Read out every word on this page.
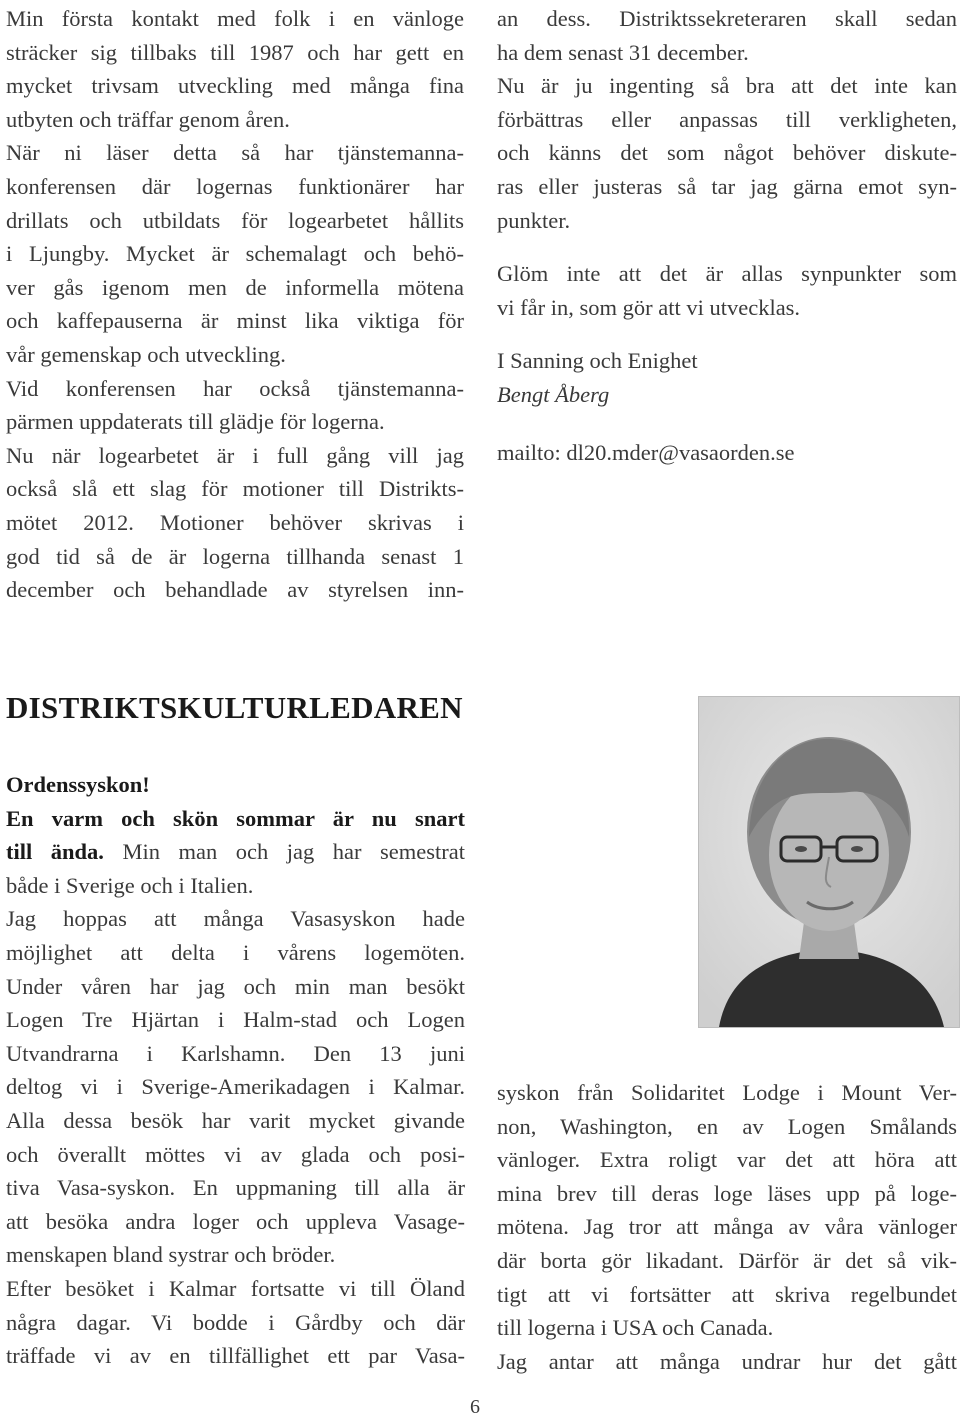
Min första kontakt med folk i en vänloge
sträcker sig tillbaks till 1987 och har gett en
mycket trivsam utveckling med många fina
utbyten och träffar genom åren.

När ni läser detta så har tjänstemanna-
konferensen där logernas funktionärer har
drillats och utbildats för logearbetet hållits
i Ljungby. Mycket är schemalagt och behö-
ver gås igenom men de informella mötena
och kaffepauserna är minst lika viktiga för
vår gemenskap och utveckling.

Vid konferensen har också tjänstemanna-
pärmen uppdaterats till glädje för logerna.

Nu när logearbetet är i full gång vill jag
också slå ett slag för motioner till Distrikts-
mötet 2012. Motioner behöver skrivas i
god tid så de är logerna tillhanda senast 1
december och behandlade av styrelsen inn-

an dess. Distriktssekreteraren skall sedan
ha dem senast 31 december.
Nu är ju ingenting så bra att det inte kan
förbättras eller anpassas till verkligheten,
och känns det som något behöver diskute-
ras eller justeras så tar jag gärna emot syn-
punkter.

Glöm inte att det är allas synpunkter som
vi får in, som gör att vi utvecklas.

I Sanning och Enighet

Bengt Åberg

mailto: dl20.mder@vasaorden.se

DISTRIKTSKULTURLEDAREN

Ordenssyskon!

En varm och skön sommar är nu snart
till ända. Min man och jag har semestrat
både i Sverige och i Italien.

Jag hoppas att många Vasasyskon hade
möjlighet att delta i vårens logemöten.
Under våren har jag och min man besökt
Logen Tre Hjärtan i Halm-stad och Logen
Utvandrarna i Karlshamn. Den 13 juni
deltog vi i Sverige-Amerikadagen i Kalmar.
Alla dessa besök har varit mycket givande
och överallt möttes vi av glada och posi-
tiva Vasa-syskon. En uppmaning till alla är
att besöka andra loger och uppleva Vasage-
menskapen bland systrar och bröder.

Efter besöket i Kalmar fortsatte vi till Öland
några dagar. Vi bodde i Gårdby och där
träffade vi av en tillfällighet ett par Vasa-

syskon från Solidaritet Lodge i Mount Ver-
non, Washington, en av Logen Smålands
vänloger. Extra roligt var det att höra att
mina brev till deras loge läses upp på loge-
mötena. Jag tror att många av våra vänloger
där borta gör likadant. Därför är det så vik-
tigt att vi fortsätter att skriva regelbundet
till logerna i USA och Canada.

Jag antar att många undrar hur det gått

6
